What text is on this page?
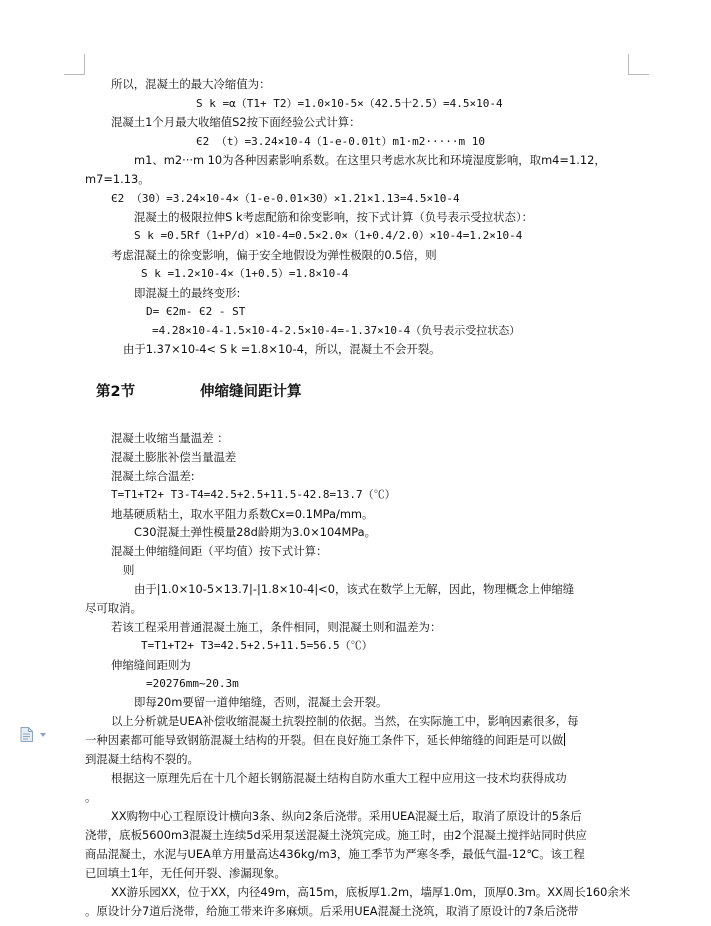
所以，混凝土的最大冷缩值为：
S k =α（T1+ T2）=1.0×10-5×（42.5十2.5）=4.5×10-4
混凝土1个月最大收缩值S2按下面经验公式计算：
Є2 （t）=3.24×10-4（1-e-0.01t）m1·m2·····m 10
m1、m2···m 10为各种因素影响系数。在这里只考虑水灰比和环境湿度影响，取m4=1.12，
m7=1.13。
Є2 （30）=3.24×10-4×（1-e-0.01×30）×1.21×1.13=4.5×10-4
混凝土的极限拉伸S k考虑配筋和徐变影响，按下式计算（负号表示受拉状态）：
S k =0.5Rf（1+P/d）×10-4=0.5×2.0×（1+0.4/2.0）×10-4=1.2×10-4
考虑混凝土的徐变影响，偏于安全地假设为弹性极限的0.5倍，则
S k =1.2×10-4×（1+0.5）=1.8×10-4
即混凝土的最终变形:
D= Є2m- Є2 - ST
=4.28×10-4-1.5×10-4-2.5×10-4=-1.37×10-4（负号表示受拉状态）
由于1.37×10-4< S k =1.8×10-4，所以，混凝土不会开裂。
第2节	伸缩缝间距计算
混凝土收缩当量温差 ：
混凝土膨胀补偿当量温差
混凝土综合温差:
T=T1+T2+ T3-T4=42.5+2.5+11.5-42.8=13.7（℃）
地基硬质粘土，取水平阻力系数Cx=0.1MPa/mm。
C30混凝土弹性模量28d龄期为3.0×104MPa。
混凝土伸缩缝间距（平均值）按下式计算：
则
由于|1.0×10-5×13.7|-|1.8×10-4|<0，该式在数学上无解，因此，物理概念上伸缩缝
尽可取消。
若该工程采用普通混凝土施工，条件相同，则混凝土则和温差为：
T=T1+T2+ T3=42.5+2.5+11.5=56.5（℃）
伸缩缝间距则为
=20276mm~20.3m
即每20m要留一道伸缩缝，否则，混凝土会开裂。
以上分析就是UEA补偿收缩混凝土抗裂控制的依据。当然，在实际施工中，影响因素很多，每
一种因素都可能导致钢筋混凝土结构的开裂。但在良好施工条件下，延长伸缩缝的间距是可以做
到混凝土结构不裂的。
根据这一原理先后在十几个超长钢筋混凝土结构自防水重大工程中应用这一技术均获得成功
。
XX购物中心工程原设计横向3条、纵向2条后浇带。采用UEA混凝土后，取消了原设计的5条后
浇带，底板5600m3混凝土连续5d采用泵送混凝土浇筑完成。施工时，由2个混凝土搅拌站同时供应
商品混凝土，水泥与UEA单方用量高达436kg/m3，施工季节为严寒冬季，最低气温-12℃。该工程
已回填土1年，无任何开裂、渗漏现象。
XX游乐园XX，位于XX，内径49m，高15m，底板厚1.2m，墙厚1.0m，顶厚0.3m。XX周长160余米
。原设计分7道后浇带，给施工带来许多麻烦。后采用UEA混凝土浇筑，取消了原设计的7条后浇带
